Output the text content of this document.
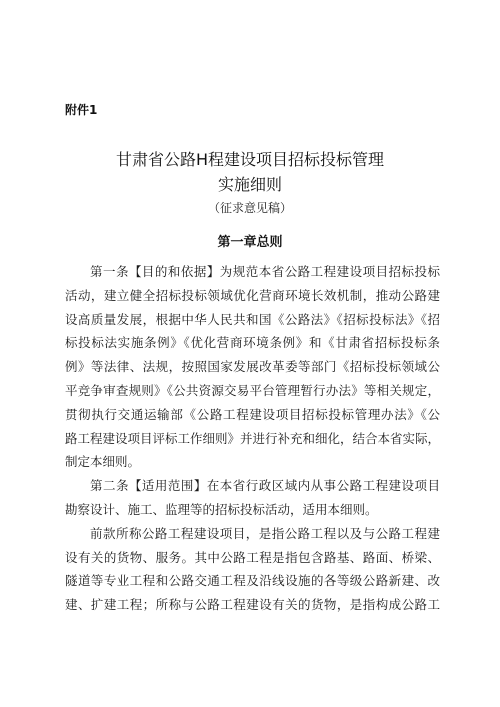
附件1
甘肃省公路H程建设项目招标投标管理
实施细则
（征求意见稿）
第一章总则
第一条【目的和依据】为规范本省公路工程建设项目招标投标
活动，建立健全招标投标领域优化营商环境长效机制，推动公路建
设高质量发展，根据中华人民共和国《公路法》《招标投标法》《招
标投标法实施条例》《优化营商环境条例》和《甘肃省招标投标条
例》等法律、法规，按照国家发展改革委等部门《招标投标领域公
平竞争审查规则》《公共资源交易平台管理暂行办法》等相关规定，
贯彻执行交通运输部《公路工程建设项目招标投标管理办法》《公
路工程建设项目评标工作细则》并进行补充和细化，结合本省实际，
制定本细则。
第二条【适用范围】在本省行政区域内从事公路工程建设项目
勘察设计、施工、监理等的招标投标活动，适用本细则。
前款所称公路工程建设项目，是指公路工程以及与公路工程建
设有关的货物、服务。其中公路工程是指包含路基、路面、桥梁、
隧道等专业工程和公路交通工程及沿线设施的各等级公路新建、改
建、扩建工程；所称与公路工程建设有关的货物，是指构成公路工
